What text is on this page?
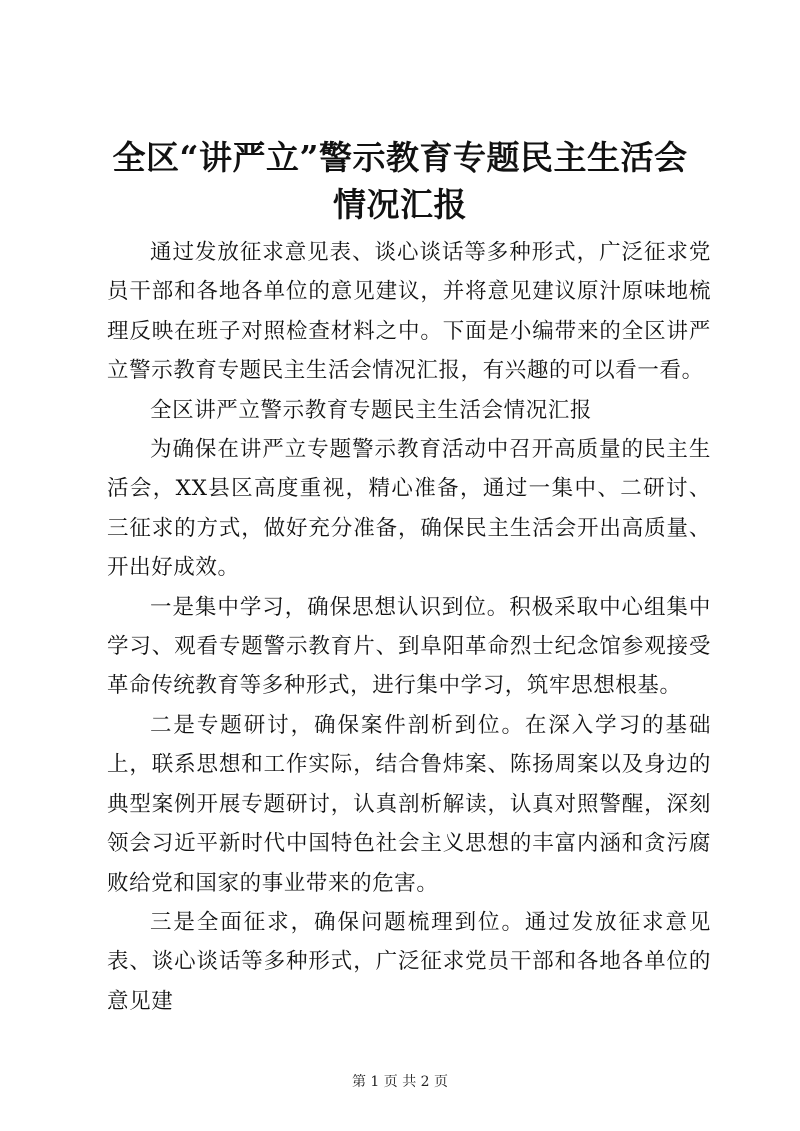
全区“讲严立”警示教育专题民主生活会情况汇报

通过发放征求意见表、谈心谈话等多种形式，广泛征求党员干部和各地各单位的意见建议，并将意见建议原汁原味地梳理反映在班子对照检查材料之中。下面是小编带来的全区讲严立警示教育专题民主生活会情况汇报，有兴趣的可以看一看。

全区讲严立警示教育专题民主生活会情况汇报

为确保在讲严立专题警示教育活动中召开高质量的民主生活会，XX县区高度重视，精心准备，通过一集中、二研讨、三征求的方式，做好充分准备，确保民主生活会开出高质量、开出好成效。

一是集中学习，确保思想认识到位。积极采取中心组集中学习、观看专题警示教育片、到阜阳革命烈士纪念馆参观接受革命传统教育等多种形式，进行集中学习，筑牢思想根基。

二是专题研讨，确保案件剖析到位。在深入学习的基础上，联系思想和工作实际，结合鲁炜案、陈扬周案以及身边的典型案例开展专题研讨，认真剖析解读，认真对照警醒，深刻领会习近平新时代中国特色社会主义思想的丰富内涵和贪污腐败给党和国家的事业带来的危害。

三是全面征求，确保问题梳理到位。通过发放征求意见表、谈心谈话等多种形式，广泛征求党员干部和各地各单位的意见建

第 1 页 共 2 页
